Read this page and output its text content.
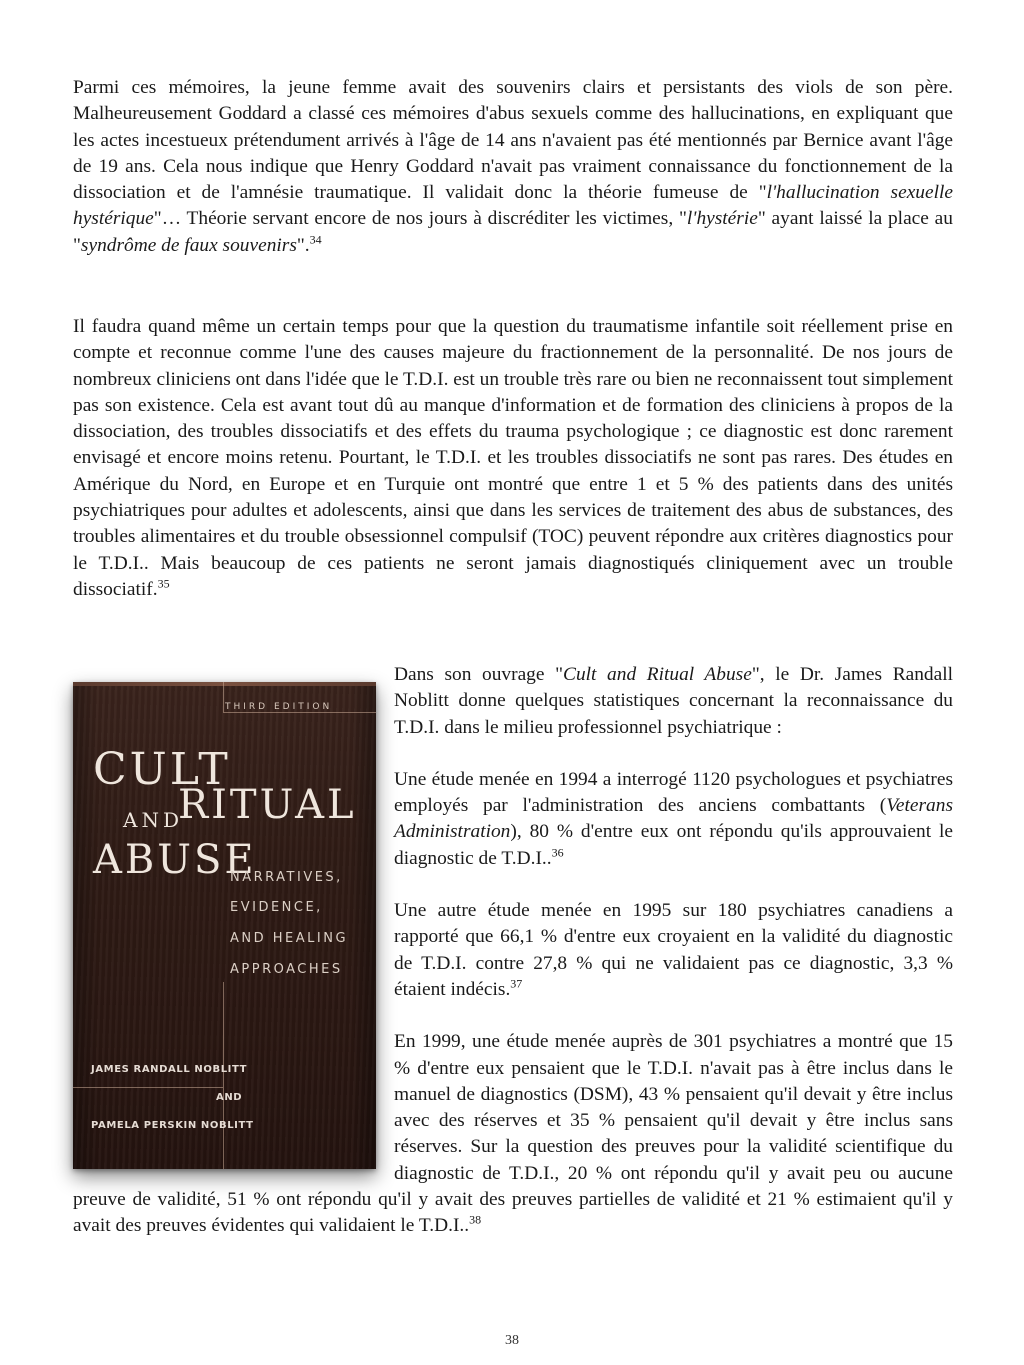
Parmi ces mémoires, la jeune femme avait des souvenirs clairs et persistants des viols de son père. Malheureusement Goddard a classé ces mémoires d'abus sexuels comme des hallucinations, en expliquant que les actes incestueux prétendument arrivés à l'âge de 14 ans n'avaient pas été mentionnés par Bernice avant l'âge de 19 ans. Cela nous indique que Henry Goddard n'avait pas vraiment connaissance du fonctionnement de la dissociation et de l'amnésie traumatique. Il validait donc la théorie fumeuse de "l'hallucination sexuelle hystérique"… Théorie servant encore de nos jours à discréditer les victimes, "l'hystérie" ayant laissé la place au "syndrôme de faux souvenirs".$^{34}$

Il faudra quand même un certain temps pour que la question du traumatisme infantile soit réellement prise en compte et reconnue comme l'une des causes majeure du fractionnement de la personnalité. De nos jours de nombreux cliniciens ont dans l'idée que le T.D.I. est un trouble très rare ou bien ne reconnaissent tout simplement pas son existence. Cela est avant tout dû au manque d'information et de formation des cliniciens à propos de la dissociation, des troubles dissociatifs et des effets du trauma psychologique ; ce diagnostic est donc rarement envisagé et encore moins retenu. Pourtant, le T.D.I. et les troubles dissociatifs ne sont pas rares. Des études en Amérique du Nord, en Europe et en Turquie ont montré que entre 1 et 5 % des patients dans des unités psychiatriques pour adultes et adolescents, ainsi que dans les services de traitement des abus de substances, des troubles alimentaires et du trouble obsessionnel compulsif (TOC) peuvent répondre aux critères diagnostics pour le T.D.I.. Mais beaucoup de ces patients ne seront jamais diagnostiqués cliniquement avec un trouble dissociatif.$^{35}$

THIRD EDITION
CULT
AND
RITUAL
ABUSE
NARRATIVES,
EVIDENCE,
AND HEALING
APPROACHES
JAMES RANDALL NOBLITT
AND
PAMELA PERSKIN NOBLITT

Dans son ouvrage "Cult and Ritual Abuse", le Dr. James Randall Noblitt donne quelques statistiques concernant la reconnaissance du T.D.I. dans le milieu professionnel psychiatrique :

Une étude menée en 1994 a interrogé 1120 psychologues et psychiatres employés par l'administration des anciens combattants (Veterans Administration), 80 % d'entre eux ont répondu qu'ils approuvaient le diagnostic de T.D.I..$^{36}$

Une autre étude menée en 1995 sur 180 psychiatres canadiens a rapporté que 66,1 % d'entre eux croyaient en la validité du diagnostic de T.D.I. contre 27,8 % qui ne validaient pas ce diagnostic, 3,3 % étaient indécis.$^{37}$

En 1999, une étude menée auprès de 301 psychiatres a montré que 15 % d'entre eux pensaient que le T.D.I. n'avait pas à être inclus dans le manuel de diagnostics (DSM), 43 % pensaient qu'il devait y être inclus avec des réserves et 35 % pensaient qu'il devait y être inclus sans réserves. Sur la question des preuves pour la validité scientifique du diagnostic de T.D.I., 20 % ont répondu qu'il y avait peu ou aucune preuve de validité, 51 % ont répondu qu'il y avait des preuves partielles de validité et 21 % estimaient qu'il y avait des preuves évidentes qui validaient le T.D.I..$^{38}$

38
